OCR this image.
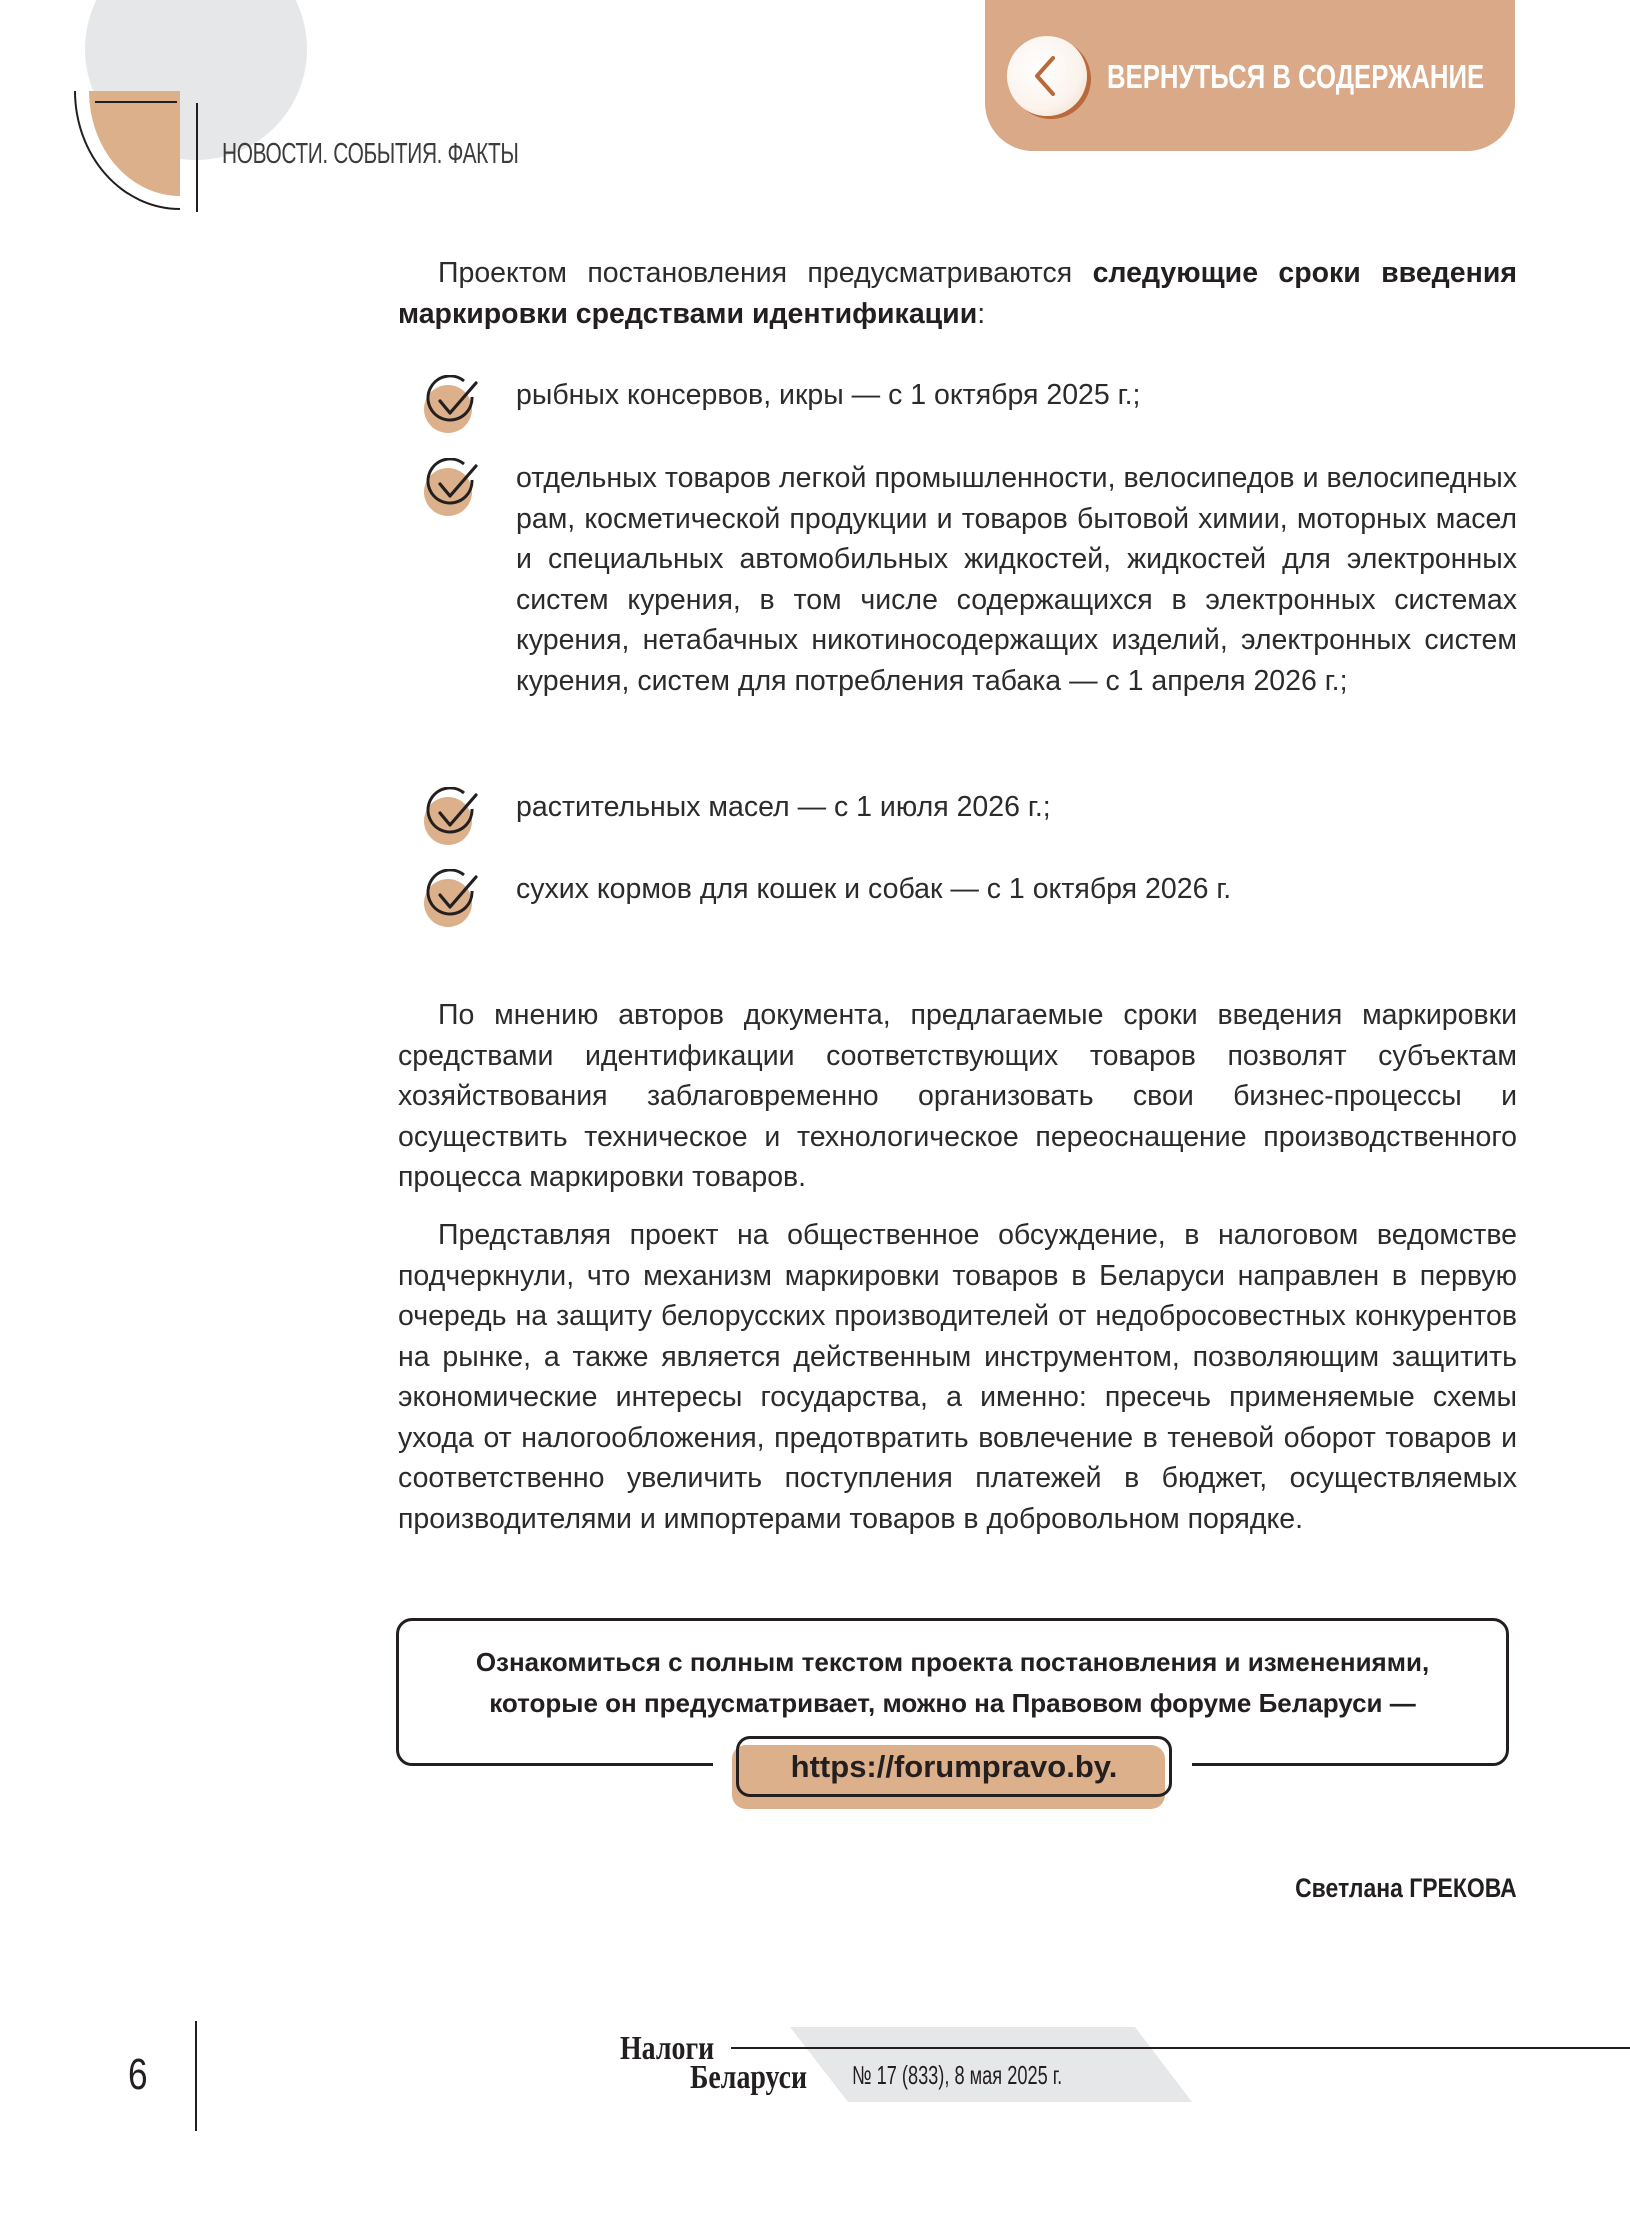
НОВОСТИ. СОБЫТИЯ. ФАКТЫ
ВЕРНУТЬСЯ В СОДЕРЖАНИЕ
Проектом постановления предусматриваются следующие сроки введения маркировки средствами идентификации:
рыбных консервов, икры — с 1 октября 2025 г.;
отдельных товаров легкой промышленности, велосипедов и велосипедных рам, косметической продукции и товаров бытовой химии, моторных масел и специальных автомобильных жидкостей, жидкостей для электронных систем курения, в том числе содержащихся в электронных системах курения, нетабачных никотиносодержащих изделий, электронных систем курения, систем для потребления табака — с 1 апреля 2026 г.;
растительных масел — с 1 июля 2026 г.;
сухих кормов для кошек и собак — с 1 октября 2026 г.
По мнению авторов документа, предлагаемые сроки введения маркировки средствами идентификации соответствующих товаров позволят субъектам хозяйствования заблаговременно организовать свои бизнес-процессы и осуществить техническое и технологическое переоснащение производственного процесса маркировки товаров.
Представляя проект на общественное обсуждение, в налоговом ведомстве подчеркнули, что механизм маркировки товаров в Беларуси направлен в первую очередь на защиту белорусских производителей от недобросовестных конкурентов на рынке, а также является действенным инструментом, позволяющим защитить экономические интересы государства, а именно: пресечь применяемые схемы ухода от налогообложения, предотвратить вовлечение в теневой оборот товаров и соответственно увеличить поступления платежей в бюджет, осуществляемых производителями и импортерами товаров в добровольном порядке.
Ознакомиться с полным текстом проекта постановления и изменениями,
которые он предусматривает, можно на Правовом форуме Беларуси —
https://forumpravo.by.
Светлана ГРЕКОВА
6
Налоги
Беларуси № 17 (833), 8 мая 2025 г.
